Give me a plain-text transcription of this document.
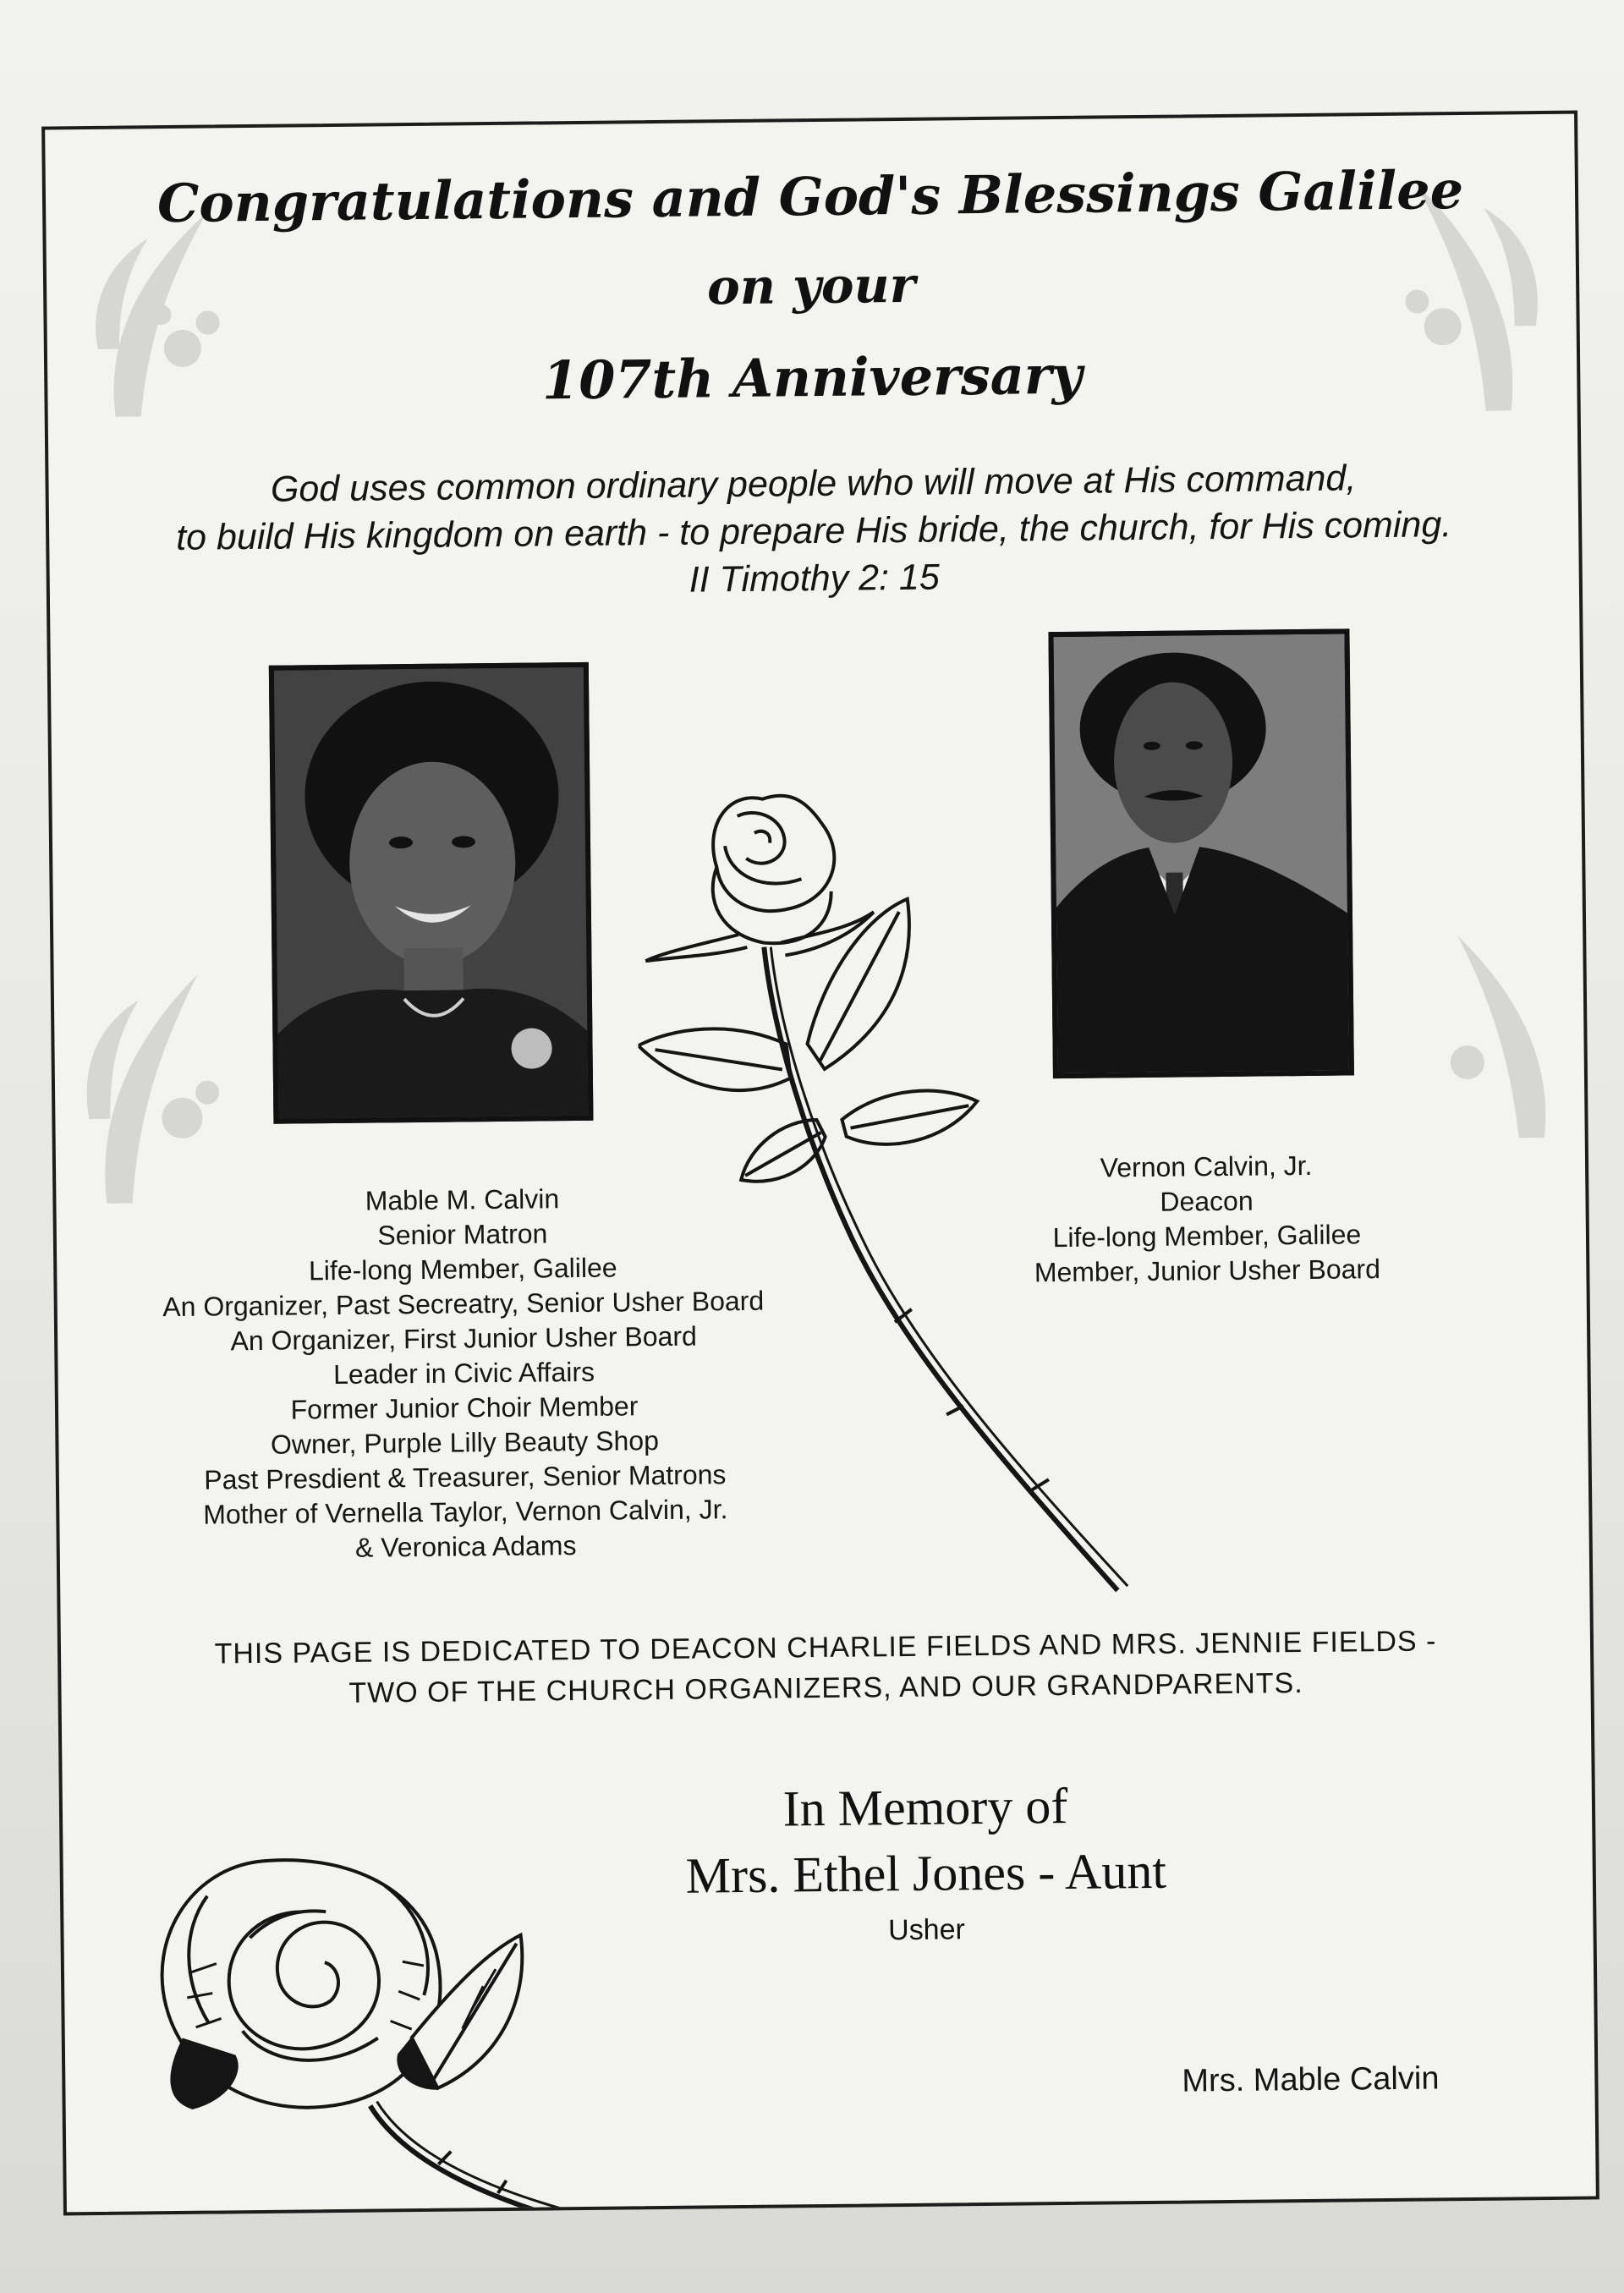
Congratulations and God's Blessings Galilee
on your
107th Anniversary
God uses common ordinary people who will move at His command,
to build His kingdom on earth - to prepare His bride, the church, for His coming.
II Timothy 2: 15
Mable M. Calvin
Senior Matron
Life-long Member, Galilee
An Organizer, Past Secreatry, Senior Usher Board
An Organizer, First Junior Usher Board
Leader in Civic Affairs
Former Junior Choir Member
Owner, Purple Lilly Beauty Shop
Past Presdient & Treasurer, Senior Matrons
Mother of Vernella Taylor, Vernon Calvin, Jr.
& Veronica Adams
Vernon Calvin, Jr.
Deacon
Life-long Member, Galilee
Member, Junior Usher Board
THIS PAGE IS DEDICATED TO DEACON CHARLIE FIELDS AND MRS. JENNIE FIELDS -
TWO OF THE CHURCH ORGANIZERS, AND OUR GRANDPARENTS.
In Memory of
Mrs. Ethel Jones - Aunt
Usher
Mrs. Mable Calvin
